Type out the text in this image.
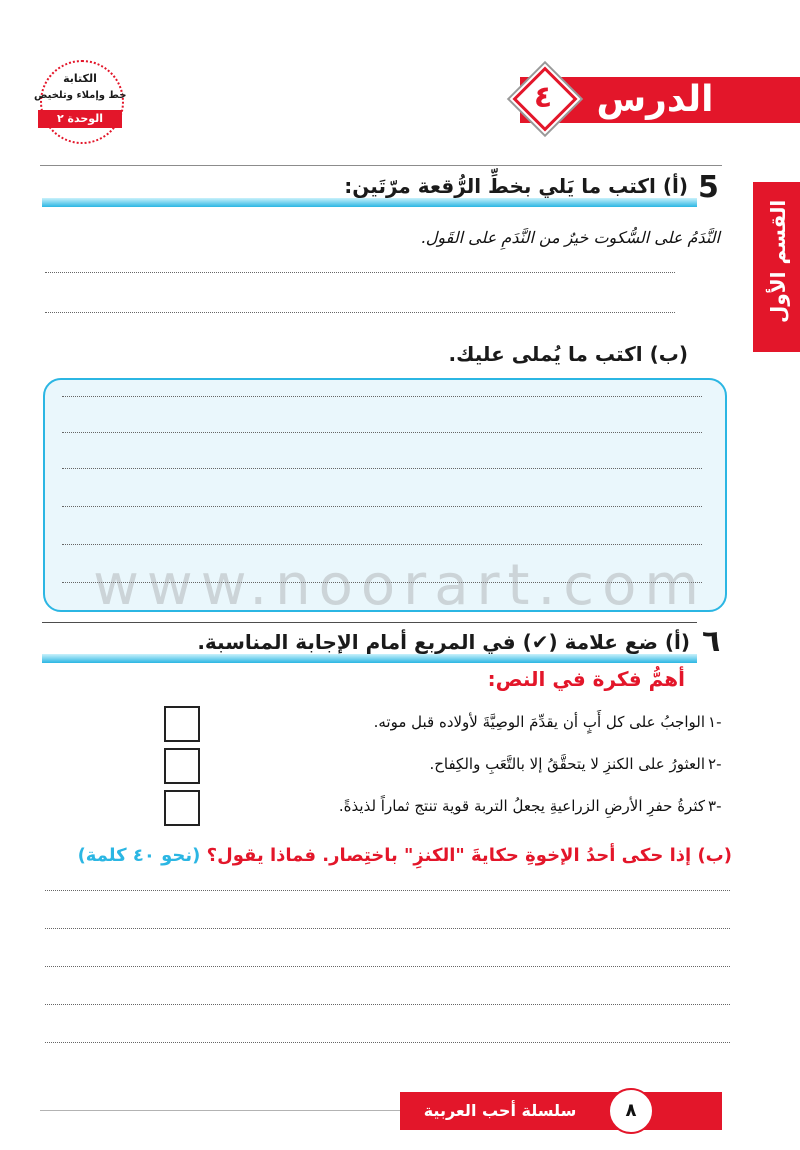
الكتابة
خط وإملاء وتلخيص
الوحدة ٢
٤	الدرس
القسم الأول
5
(أ) اكتب ما يَلي بخطِّ الرُّقعة مرّتَين:
النَّدَمُ على السُّكوت خيرٌ من النَّدَمِ على القَول.
(ب) اكتب ما يُملى عليك.
www.noorart.com
٦
(أ) ضع علامة (✔) في المربع أمام الإجابة المناسبة.
أهمُّ فكرة في النص:
-١
الواجبُ على كل أَبٍ أن يقدِّمَ الوصِيَّةَ لأولاده قبل موته.
-٢
العثورُ على الكنزِ لا يتحقَّقُ إلا بالتَّعَبِ والكِفاح.
-٣
كثرةُ حفرِ الأرضِ الزراعيةِ يجعلُ التربة قوية تنتج ثماراً لذيذةً.
(ب) إذا حكى أحدُ الإخوةِ حكايةَ "الكنزِ" باختِصار. فماذا يقول؟ (نحو ٤٠ كلمة)
سلسلة أحب العربية	٨
